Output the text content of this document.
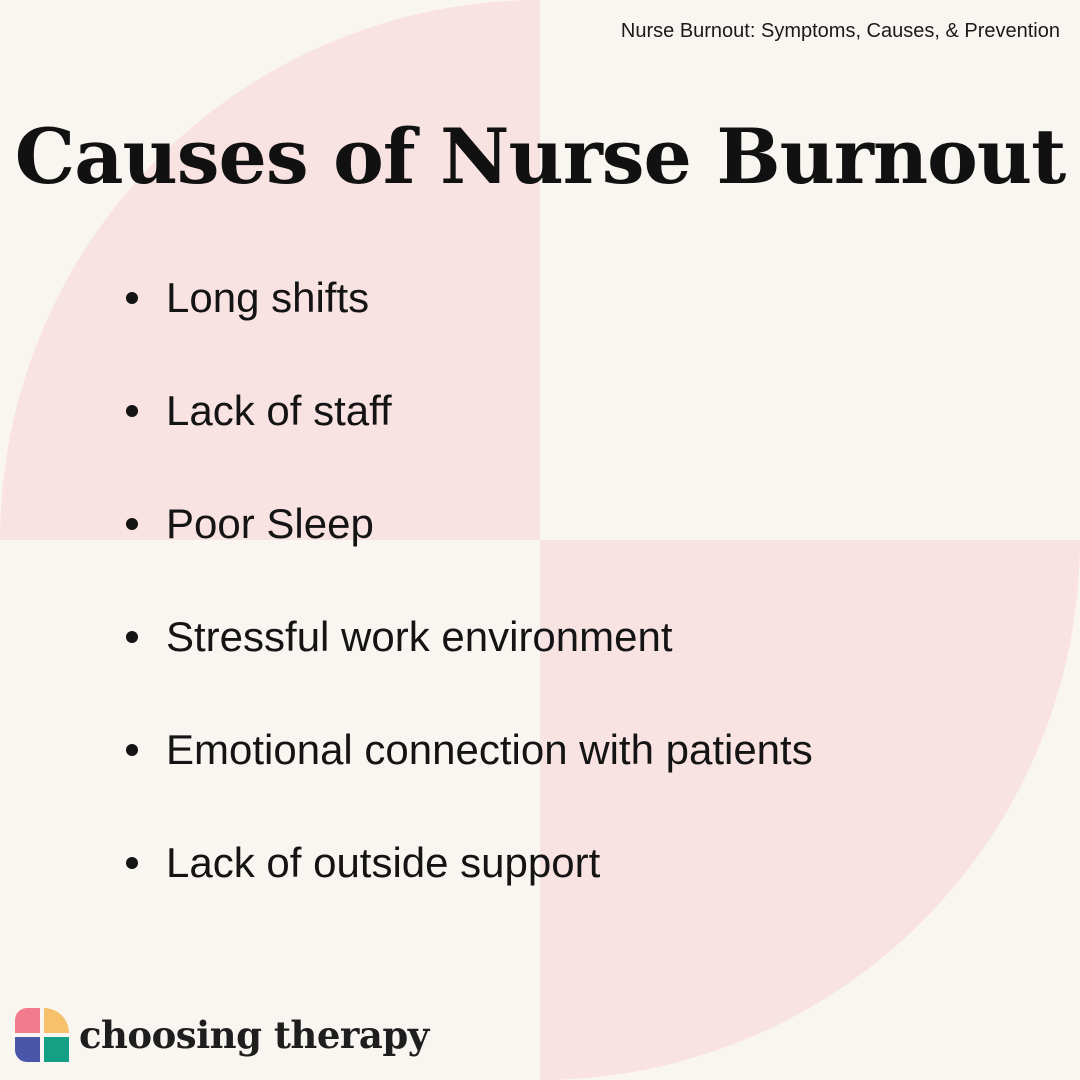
Nurse Burnout: Symptoms, Causes, & Prevention
Causes of Nurse Burnout
Long shifts
Lack of staff
Poor Sleep
Stressful work environment
Emotional connection with patients
Lack of outside support
choosing therapy
